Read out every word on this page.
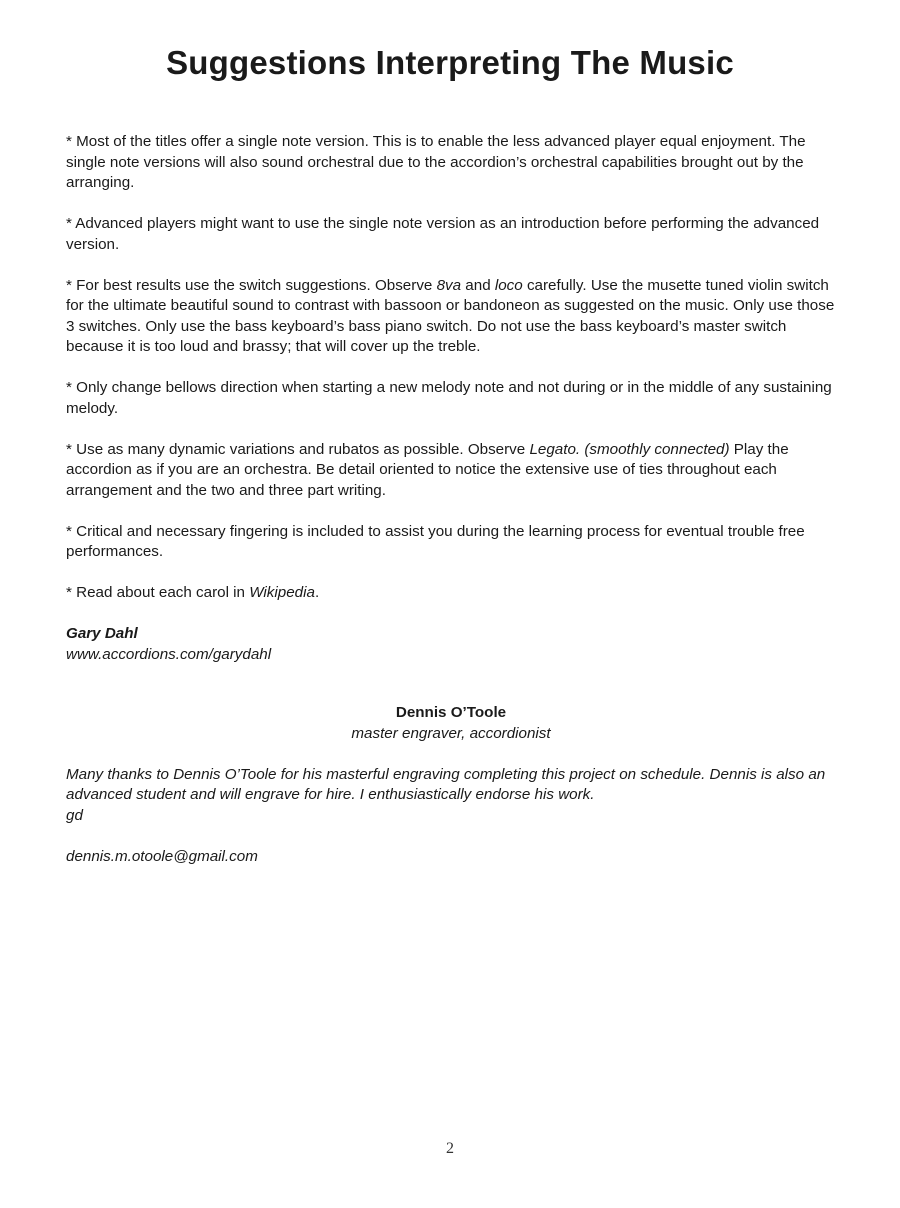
Suggestions Interpreting The Music

* Most of the titles offer a single note version. This is to enable the less advanced player equal enjoyment. The single note versions will also sound orchestral due to the accordion’s orchestral capabilities brought out by the arranging.

* Advanced players might want to use the single note version as an introduction before performing the advanced version.

* For best results use the switch suggestions. Observe 8va and loco carefully. Use the musette tuned violin switch for the ultimate beautiful sound to contrast with bassoon or bandoneon as suggested on the music. Only use those 3 switches. Only use the bass keyboard’s bass piano switch. Do not use the bass keyboard’s master switch because it is too loud and brassy; that will cover up the treble.

* Only change bellows direction when starting a new melody note and not during or in the middle of any sustaining melody.

* Use as many dynamic variations and rubatos as possible. Observe Legato. (smoothly connected) Play the accordion as if you are an orchestra. Be detail oriented to notice the extensive use of ties throughout each arrangement and the two and three part writing.

* Critical and necessary fingering is included to assist you during the learning process for eventual trouble free performances.

* Read about each carol in Wikipedia.

Gary Dahl
www.accordions.com/garydahl
Dennis O’Toole
master engraver, accordionist

Many thanks to Dennis O’Toole for his masterful engraving completing this project on schedule. Dennis is also an advanced student and will engrave for hire. I enthusiastically endorse his work.
gd

dennis.m.otoole@gmail.com

2
